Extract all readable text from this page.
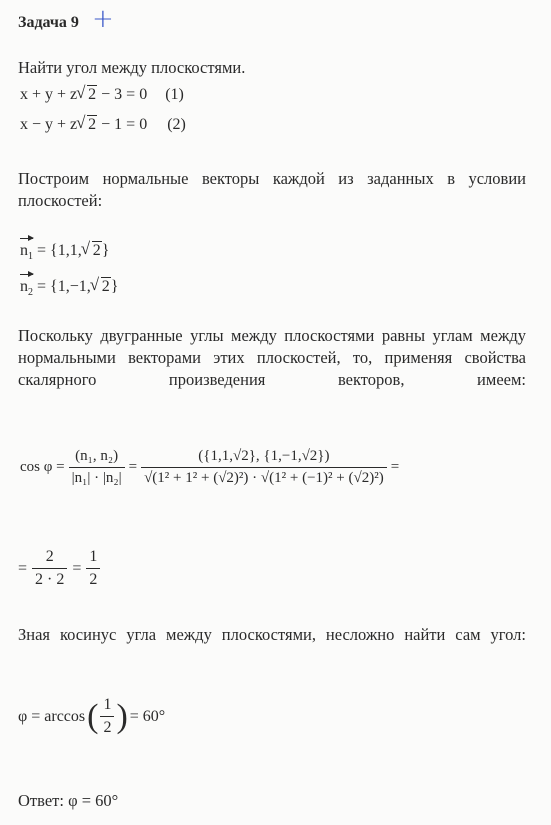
Задача 9 +
Найти угол между плоскостями.
x + y + z√ 2 − 3 = 0 (1)
x − y + z√ 2 − 1 = 0 (2)
Построим нормальные векторы каждой из заданных в условии плоскостей:
$n_1 = \{1,1,√$ 2}
$n_2 = \{1,-1,√$ 2}
Поскольку двугранные углы между плоскостями равны углам между нормальными векторами этих плоскостей, то, применяя свойства скалярного произведения векторов, имеем:
$\cos \varphi = \frac{\text{(n₁, n₂)}}{\text{|n₁| · |n₂|}} = \frac{(\{1,1,√2\}, \{1,-1,√2\})}{\text{√(1² + 1² + (√2)²) · √(1² + (−1)² + (√2)²)}}$ =
= $\frac{2}{2 \cdot 2} = \frac{1}{2}$
Зная косинус угла между плоскостями, несложно найти сам угол:
φ = arccos ( $\frac{1}{2}$ ) = 60°
Ответ: φ = 60°
